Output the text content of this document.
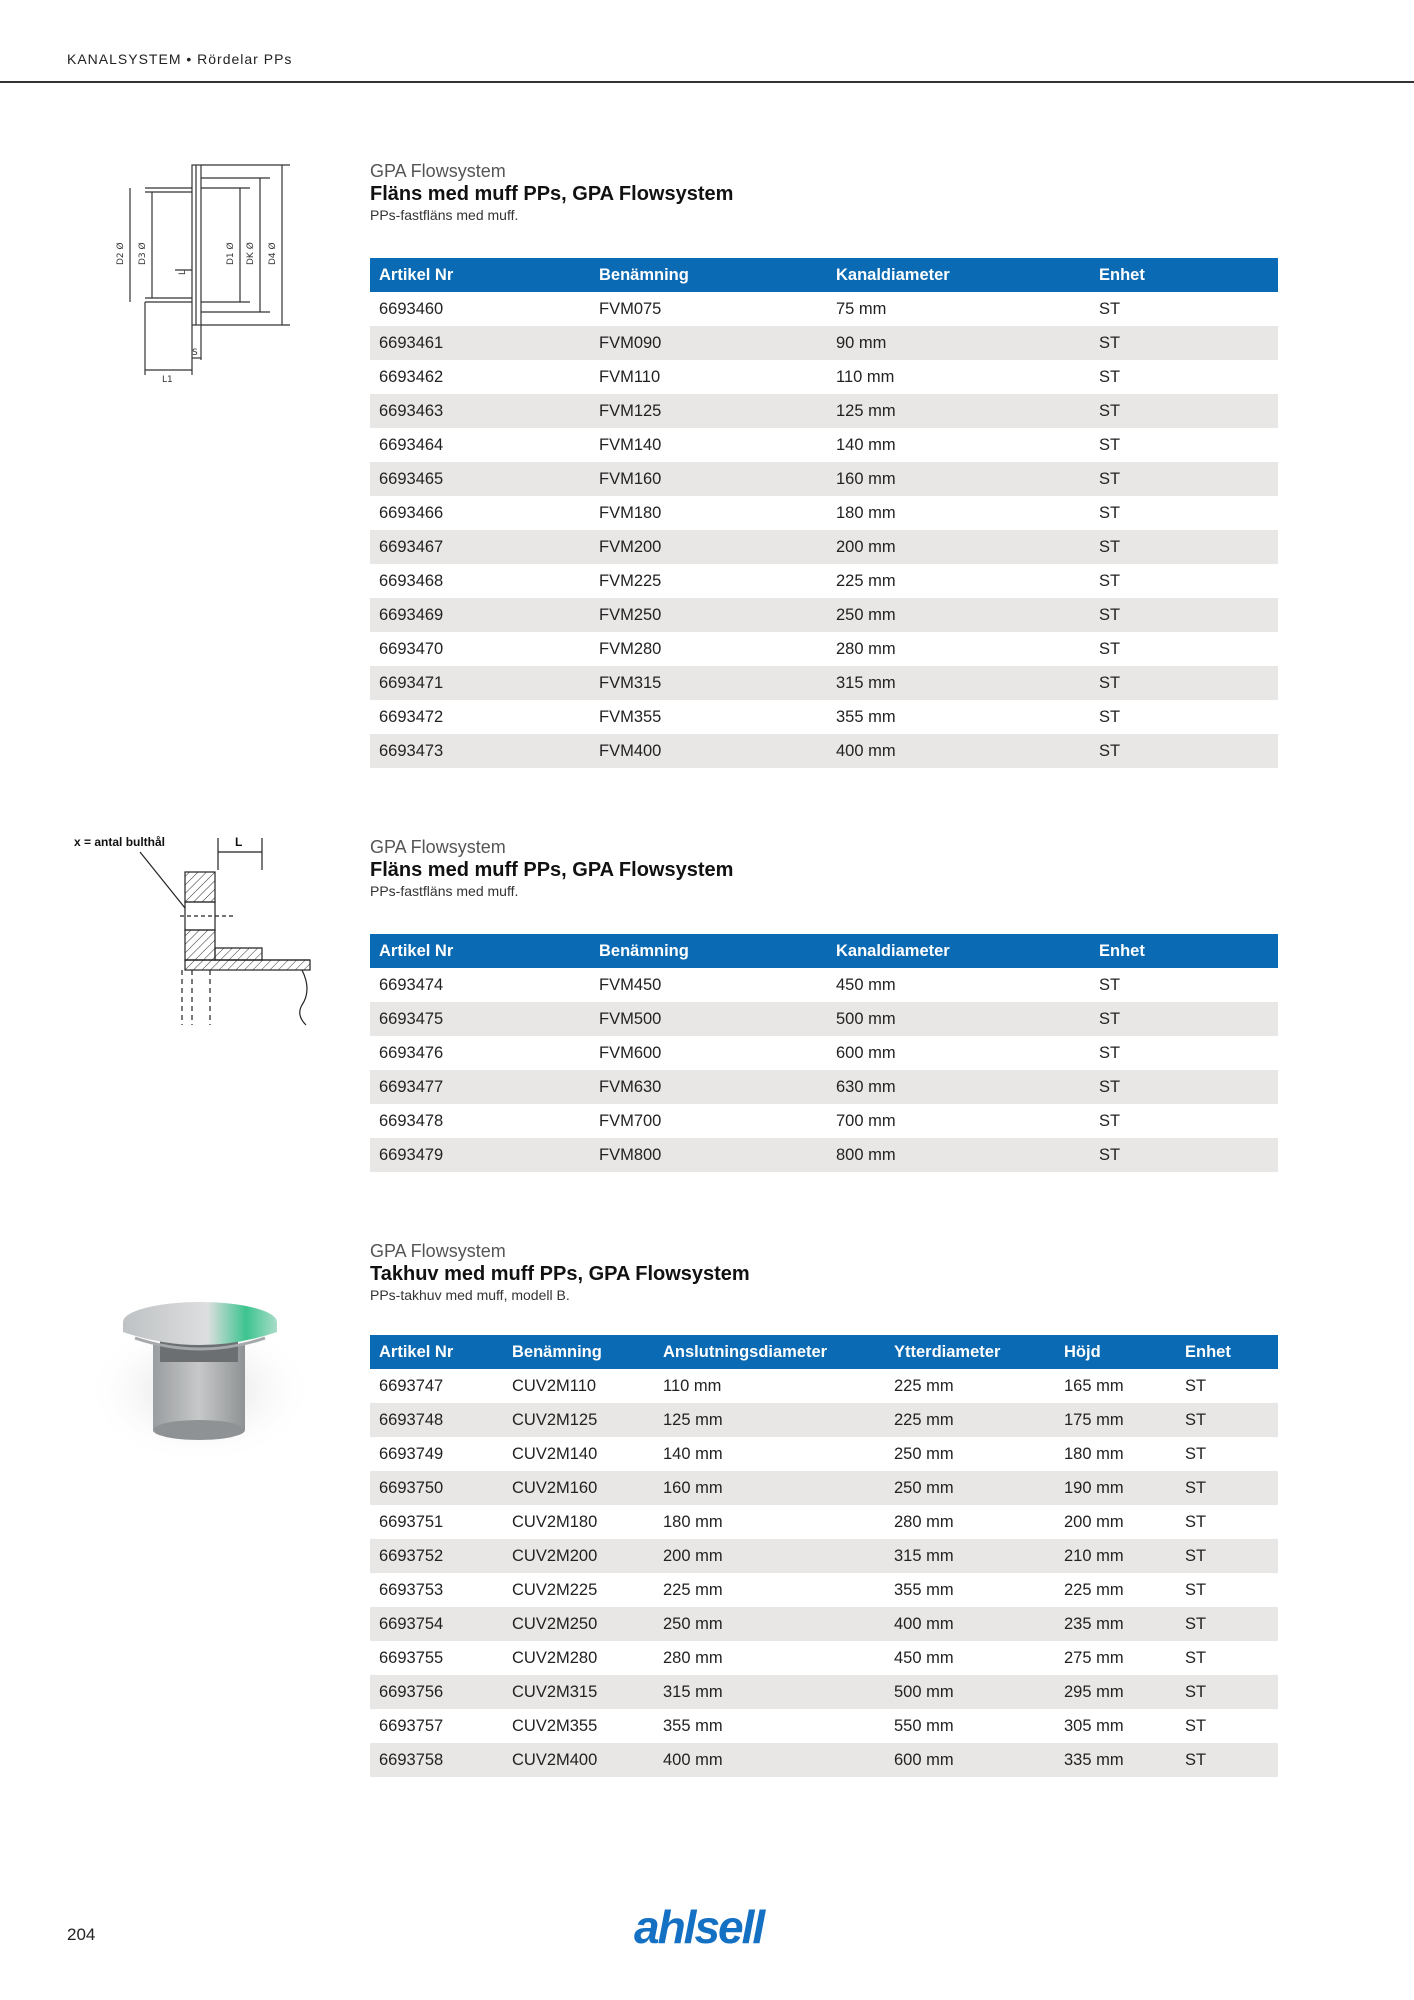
KANALSYSTEM • Rördelar PPs
D2 Ø D3 Ø	D1 Ø DK Ø D4 Ø
L
S
L1

GPA Flowsystem

Fläns med muff PPs, GPA Flowsystem

PPs-fastfläns med muff.

Artikel Nr	Benämning	Kanaldiameter	Enhet
6693460	FVM075	75 mm	ST
6693461	FVM090	90 mm	ST
6693462	FVM110	110 mm	ST
6693463	FVM125	125 mm	ST
6693464	FVM140	140 mm	ST
6693465	FVM160	160 mm	ST
6693466	FVM180	180 mm	ST
6693467	FVM200	200 mm	ST
6693468	FVM225	225 mm	ST
6693469	FVM250	250 mm	ST
6693470	FVM280	280 mm	ST
6693471	FVM315	315 mm	ST
6693472	FVM355	355 mm	ST
6693473	FVM400	400 mm	ST
x = antal bulthål	L	GPA Flowsystem

Fläns med muff PPs, GPA Flowsystem

PPs-fastfläns med muff.

Artikel Nr	Benämning	Kanaldiameter	Enhet
6693474	FVM450	450 mm	ST
6693475	FVM500	500 mm	ST
6693476	FVM600	600 mm	ST
6693477	FVM630	630 mm	ST
6693478	FVM700	700 mm	ST
6693479	FVM800	800 mm	ST

GPA Flowsystem

Takhuv med muff PPs, GPA Flowsystem

PPs-takhuv med muff, modell B.

Artikel Nr	Benämning	Anslutningsdiameter	Ytterdiameter	Höjd	Enhet
6693747	CUV2M110	110 mm	225 mm	165 mm	ST
6693748	CUV2M125	125 mm	225 mm	175 mm	ST
6693749	CUV2M140	140 mm	250 mm	180 mm	ST
6693750	CUV2M160	160 mm	250 mm	190 mm	ST
6693751	CUV2M180	180 mm	280 mm	200 mm	ST
6693752	CUV2M200	200 mm	315 mm	210 mm	ST
6693753	CUV2M225	225 mm	355 mm	225 mm	ST
6693754	CUV2M250	250 mm	400 mm	235 mm	ST
6693755	CUV2M280	280 mm	450 mm	275 mm	ST
6693756	CUV2M315	315 mm	500 mm	295 mm	ST
6693757	CUV2M355	355 mm	550 mm	305 mm	ST
6693758	CUV2M400	400 mm	600 mm	335 mm	ST
204	ahlsell
